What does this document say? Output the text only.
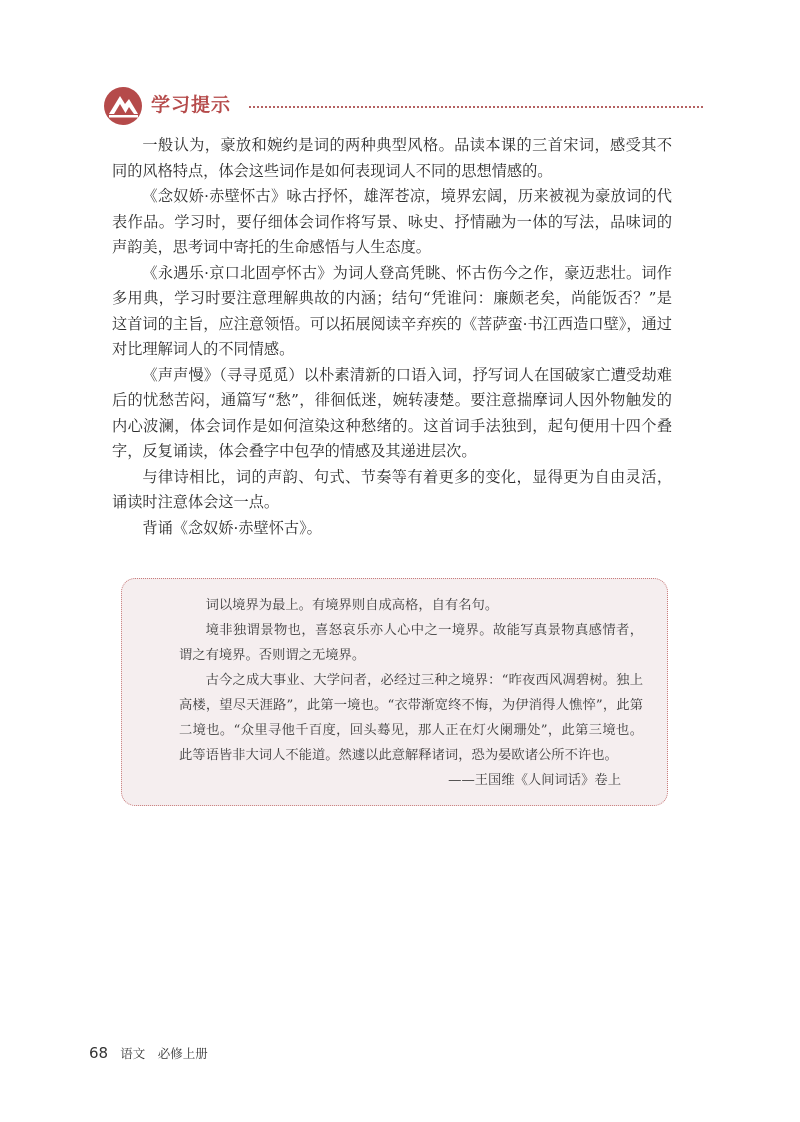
学习提示

一般认为，豪放和婉约是词的两种典型风格。品读本课的三首宋词，感受其不同的风格特点，体会这些词作是如何表现词人不同的思想情感的。

《念奴娇·赤壁怀古》咏古抒怀，雄浑苍凉，境界宏阔，历来被视为豪放词的代表作品。学习时，要仔细体会词作将写景、咏史、抒情融为一体的写法，品味词的声韵美，思考词中寄托的生命感悟与人生态度。

《永遇乐·京口北固亭怀古》为词人登高凭眺、怀古伤今之作，豪迈悲壮。词作多用典，学习时要注意理解典故的内涵；结句“凭谁问：廉颇老矣，尚能饭否？”是这首词的主旨，应注意领悟。可以拓展阅读辛弃疾的《菩萨蛮·书江西造口壁》，通过对比理解词人的不同情感。

《声声慢》（寻寻觅觅）以朴素清新的口语入词，抒写词人在国破家亡遭受劫难后的忧愁苦闷，通篇写“愁”，徘徊低迷，婉转凄楚。要注意揣摩词人因外物触发的内心波澜，体会词作是如何渲染这种愁绪的。这首词手法独到，起句便用十四个叠字，反复诵读，体会叠字中包孕的情感及其递进层次。

与律诗相比，词的声韵、句式、节奏等有着更多的变化，显得更为自由灵活，诵读时注意体会这一点。

背诵《念奴娇·赤壁怀古》。

词以境界为最上。有境界则自成高格，自有名句。

境非独谓景物也，喜怒哀乐亦人心中之一境界。故能写真景物真感情者，谓之有境界。否则谓之无境界。

古今之成大事业、大学问者，必经过三种之境界：“昨夜西风凋碧树。独上高楼，望尽天涯路”，此第一境也。“衣带渐宽终不悔，为伊消得人憔悴”，此第二境也。“众里寻他千百度，回头蓦见，那人正在灯火阑珊处”，此第三境也。此等语皆非大词人不能道。然遽以此意解释诸词，恐为晏欧诸公所不许也。

——王国维《人间词话》卷上

68 语文　必修上册
